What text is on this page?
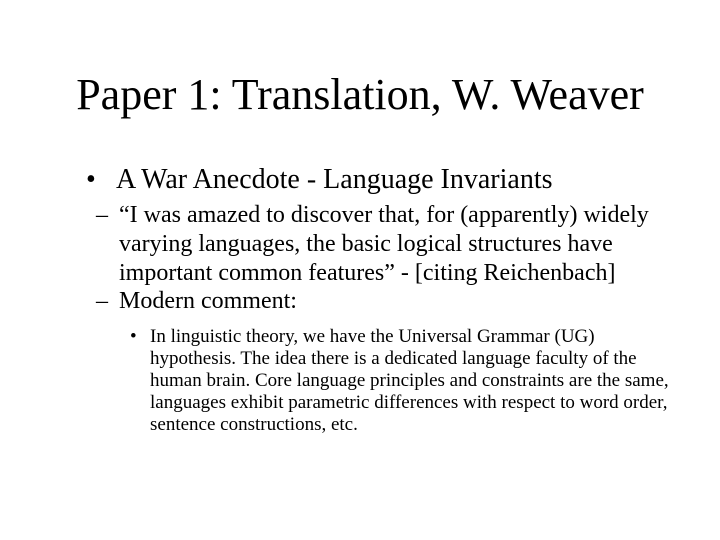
Paper 1: Translation, W. Weaver
• A War Anecdote - Language Invariants
– “I was amazed to discover that, for (apparently) widely varying languages, the basic logical structures have important common features” - [citing Reichenbach]
– Modern comment:
• In linguistic theory, we have the Universal Grammar (UG) hypothesis. The idea there is a dedicated language faculty of the human brain. Core language principles and constraints are the same, languages exhibit parametric differences with respect to word order, sentence constructions, etc.
